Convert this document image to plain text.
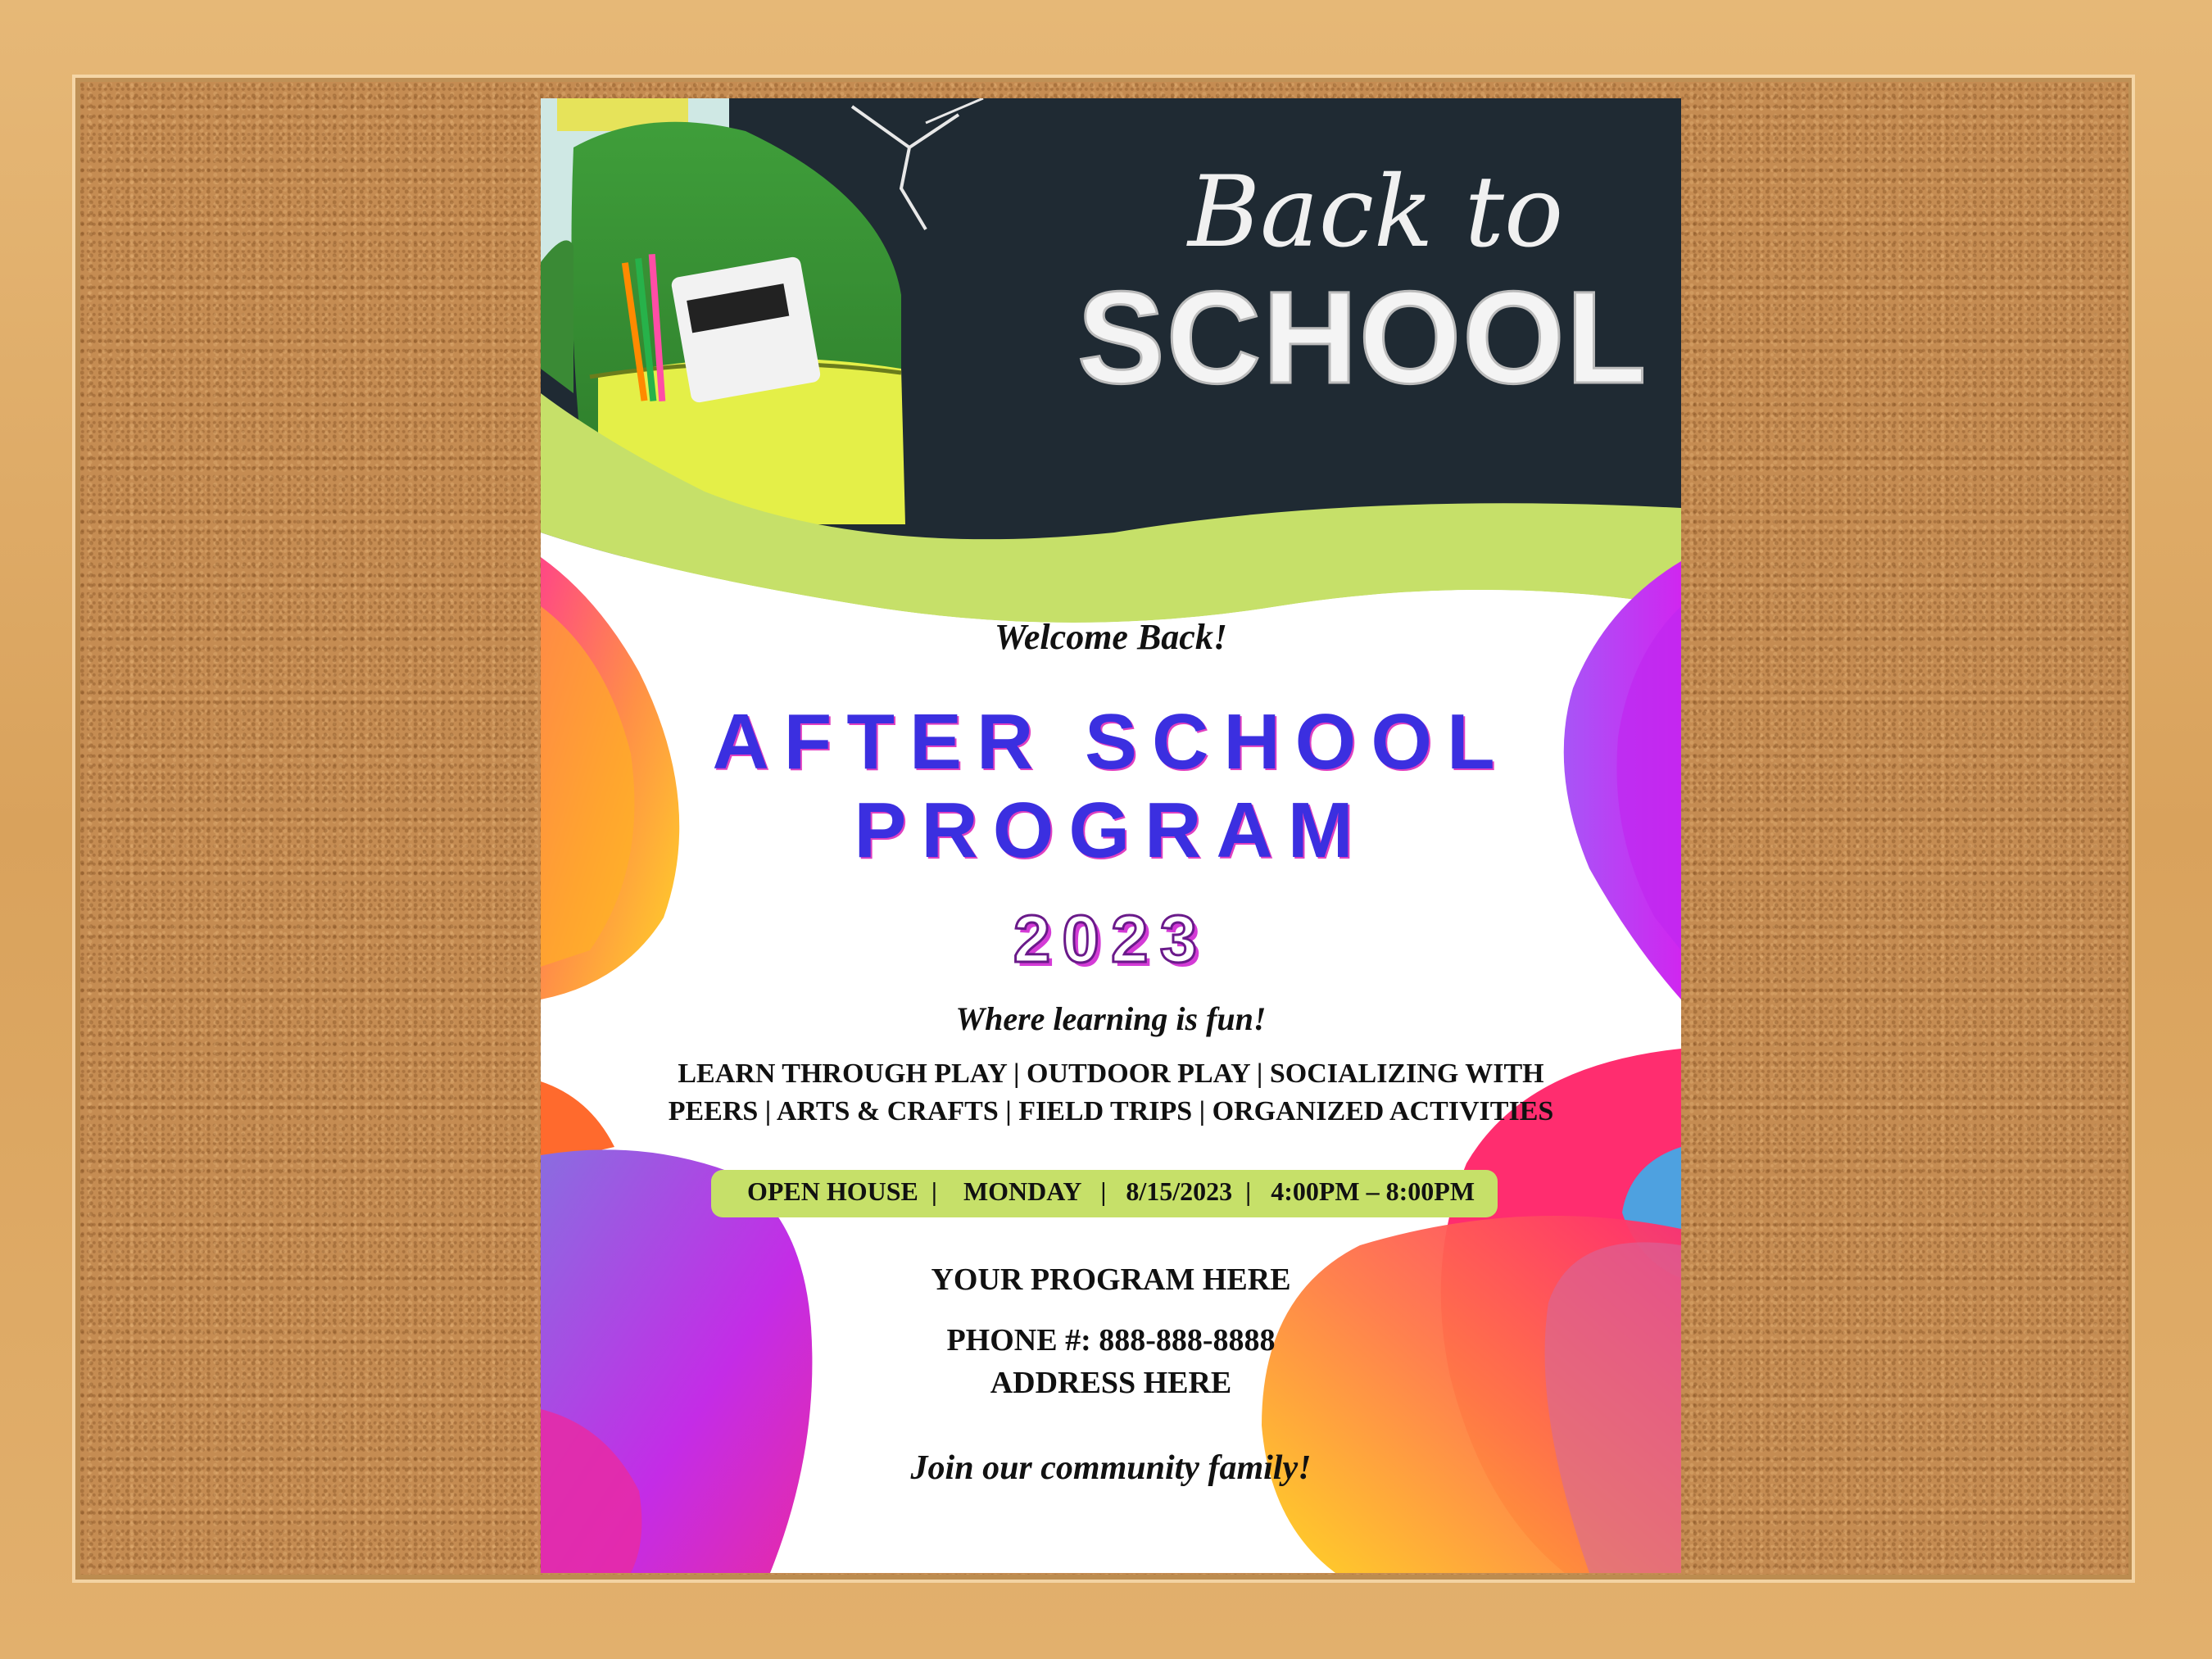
Back to
SCHOOL
Welcome Back!
AFTER SCHOOL
PROGRAM
2023
Where learning is fun!
LEARN THROUGH PLAY | OUTDOOR PLAY | SOCIALIZING WITH
PEERS | ARTS & CRAFTS | FIELD TRIPS | ORGANIZED ACTIVITIES
OPEN HOUSE  |    MONDAY   |   8/15/2023  |   4:00PM – 8:00PM
YOUR PROGRAM HERE
PHONE #: 888-888-8888
ADDRESS HERE
Join our community family!
